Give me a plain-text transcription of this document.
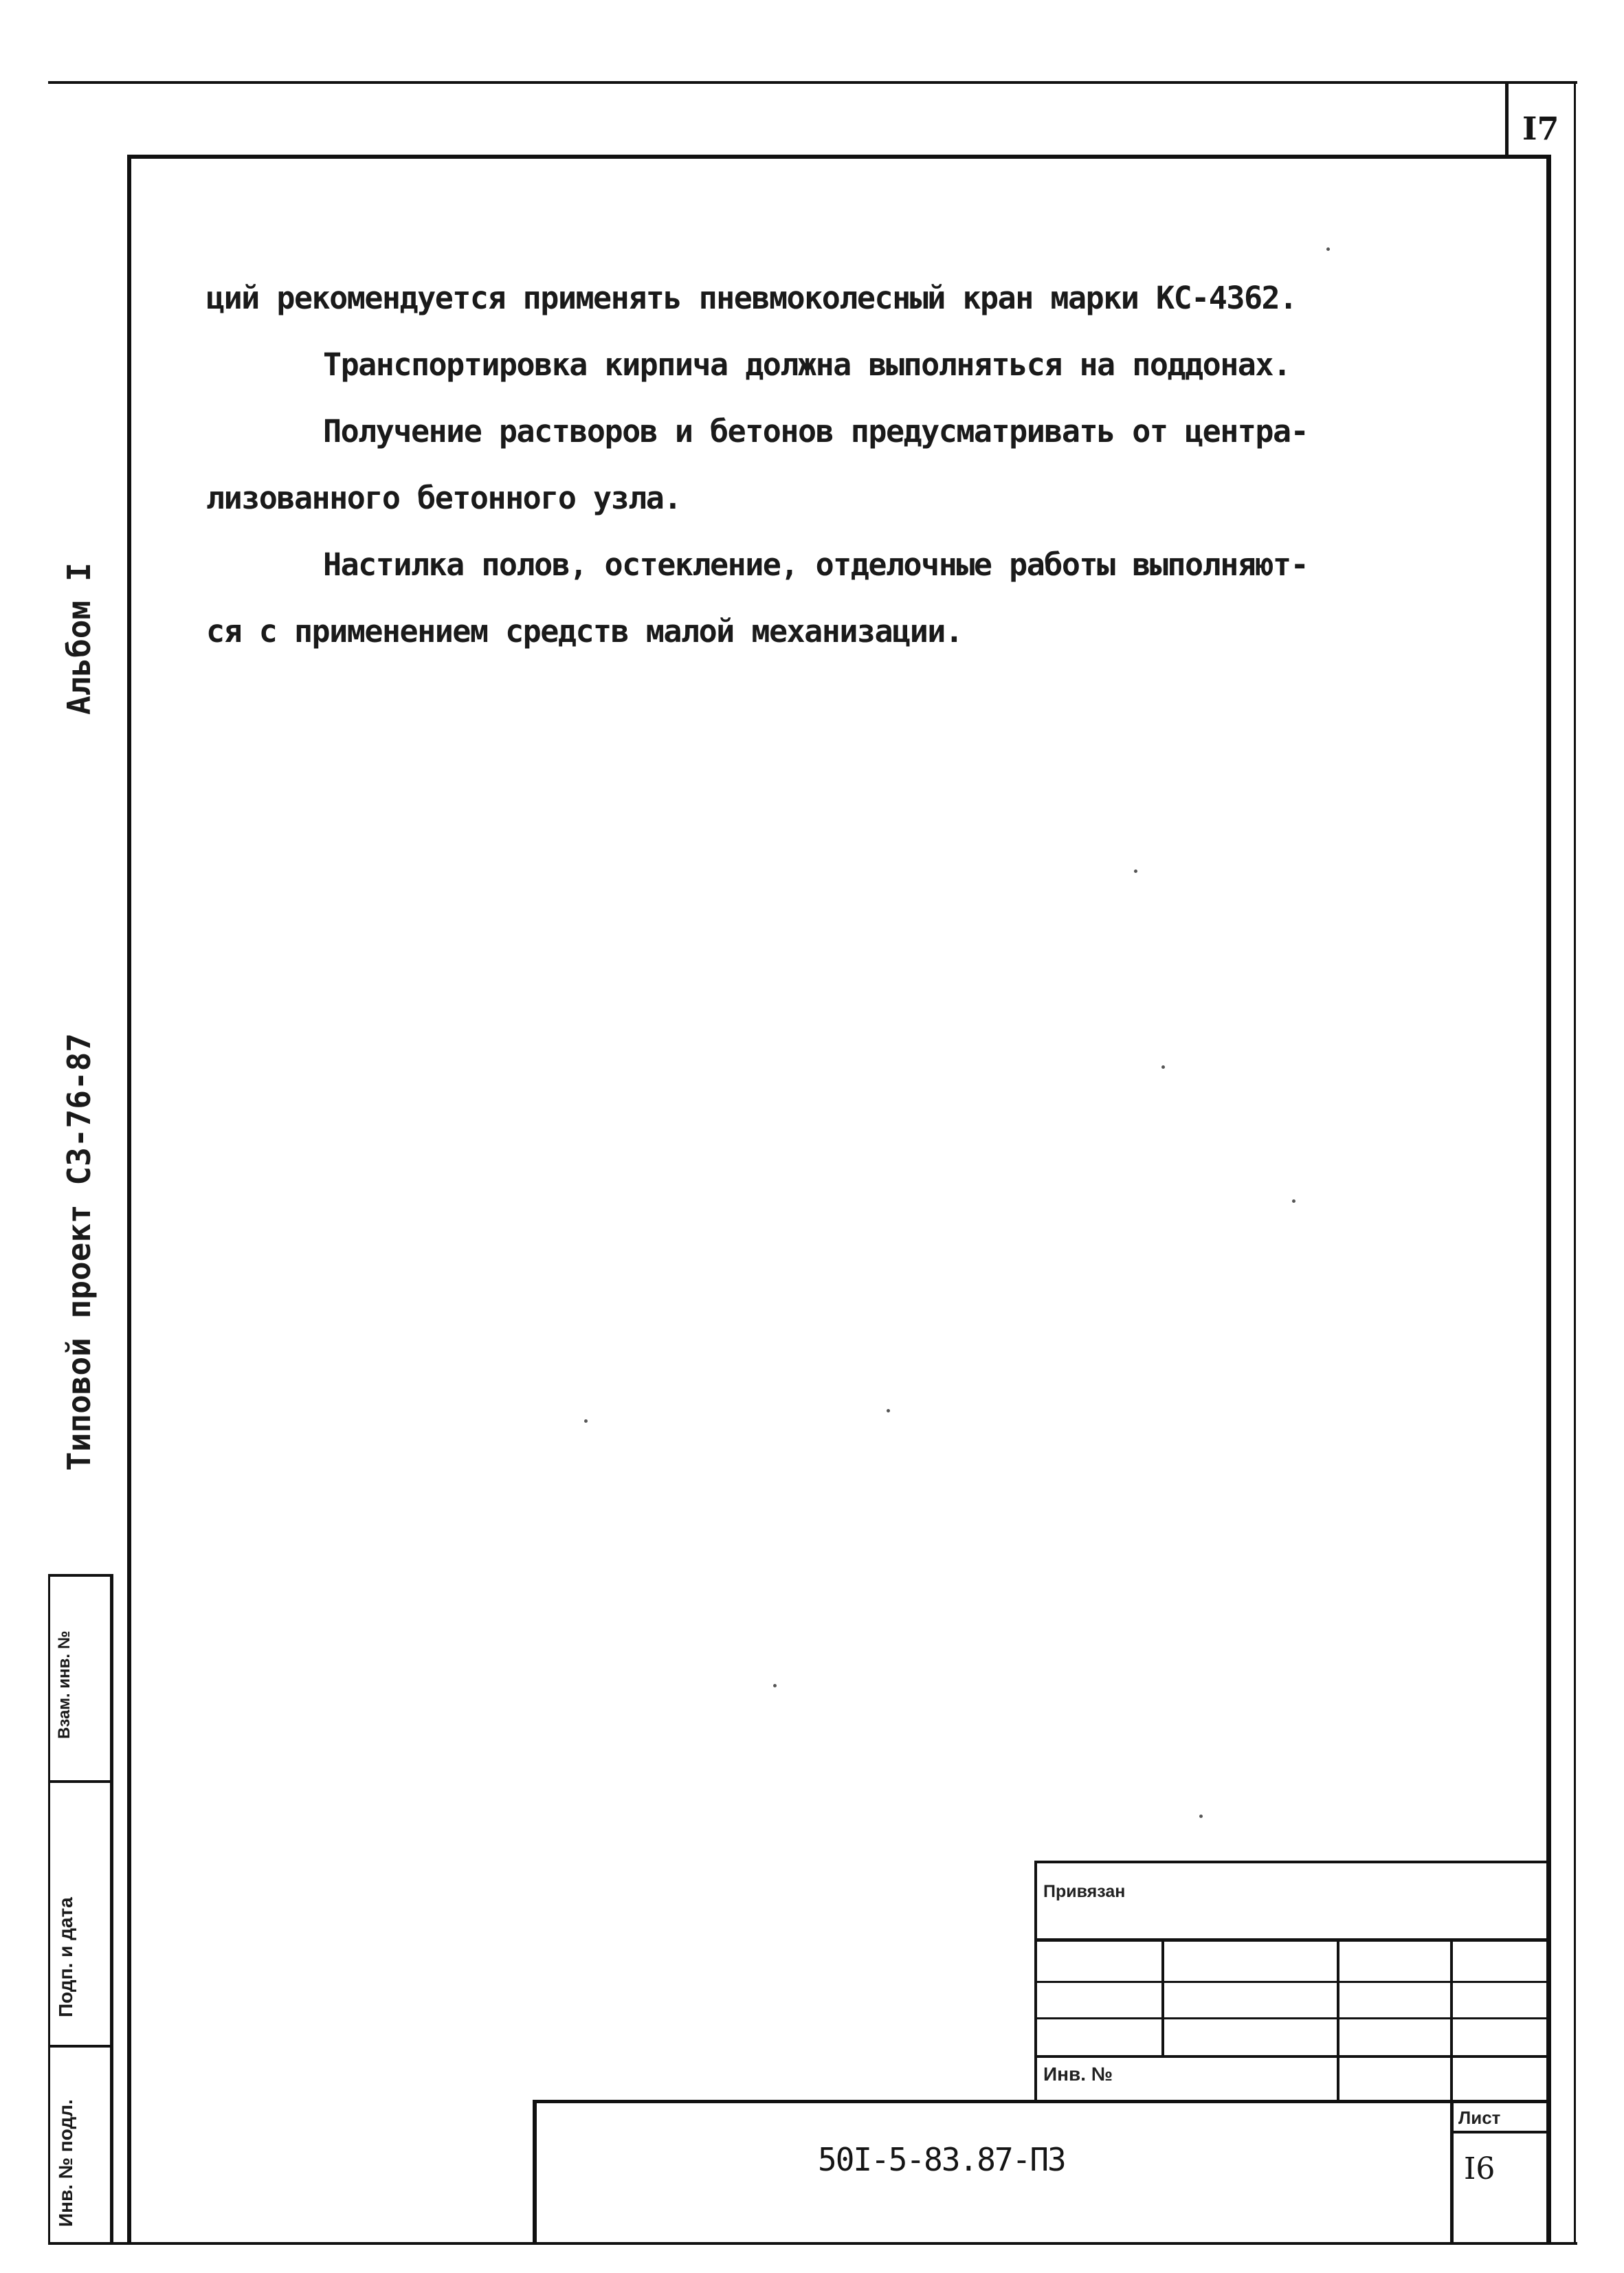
I7
ций рекомендуется применять пневмоколесный кран марки КС-4362.
Транспортировка кирпича должна выполняться на поддонах.
Получение растворов и бетонов предусматривать от центра-
лизованного бетонного узла.
Настилка полов, остекление, отделочные работы выполняют-
ся с применением средств малой механизации.
Альбом I
Типовой проект СЗ-76-87
Взам. инв. №
Подп. и дата
Инв. № подл.
Привязан
Инв. №
50I-5-83.87-ПЗ
Лист
I6
